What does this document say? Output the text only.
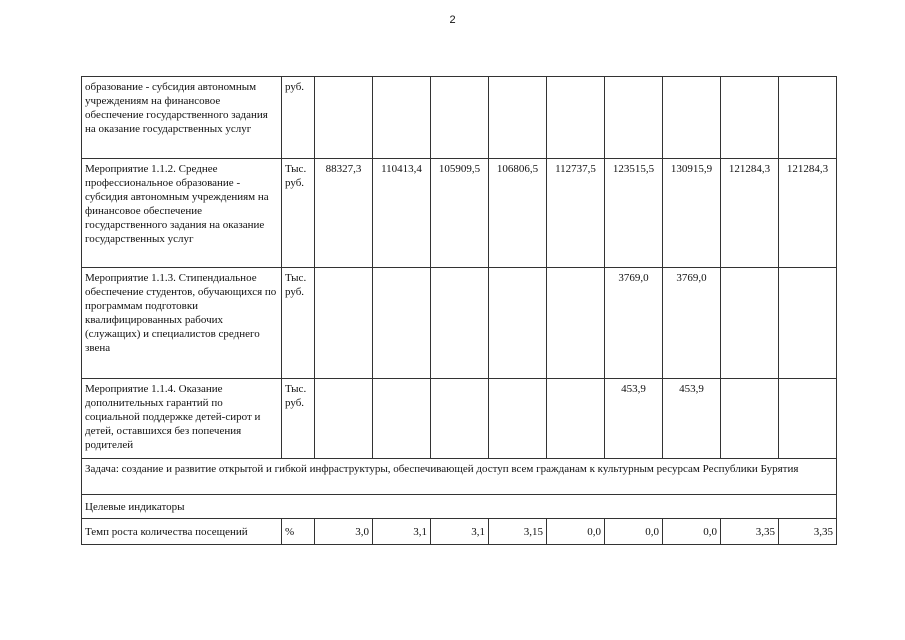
2
образование - субсидия автономным учреждениям на финансовое обеспечение государственного задания на оказание государственных услуг	руб.									
Мероприятие 1.1.2. Среднее профессиональное образование - субсидия автономным учреждениям на финансовое обеспечение государственного задания на оказание государственных услуг	Тыс. руб.	88327,3	110413,4	105909,5	106806,5	112737,5	123515,5	130915,9	121284,3	121284,3
Мероприятие 1.1.3. Стипендиальное обеспечение студентов, обучающихся по программам подготовки квалифицированных рабочих (служащих) и специалистов среднего звена	Тыс. руб.						3769,0	3769,0		
Мероприятие 1.1.4. Оказание дополнительных гарантий по социальной поддержке детей-сирот и детей, оставшихся без попечения родителей	Тыс. руб.						453,9	453,9		
Задача: создание и развитие открытой и гибкой инфраструктуры, обеспечивающей доступ всем гражданам к культурным ресурсам Республики Бурятия										
Целевые индикаторы										
Темп роста количества посещений	%	3,0	3,1	3,1	3,15	0,0	0,0	0,0	3,35	3,35
